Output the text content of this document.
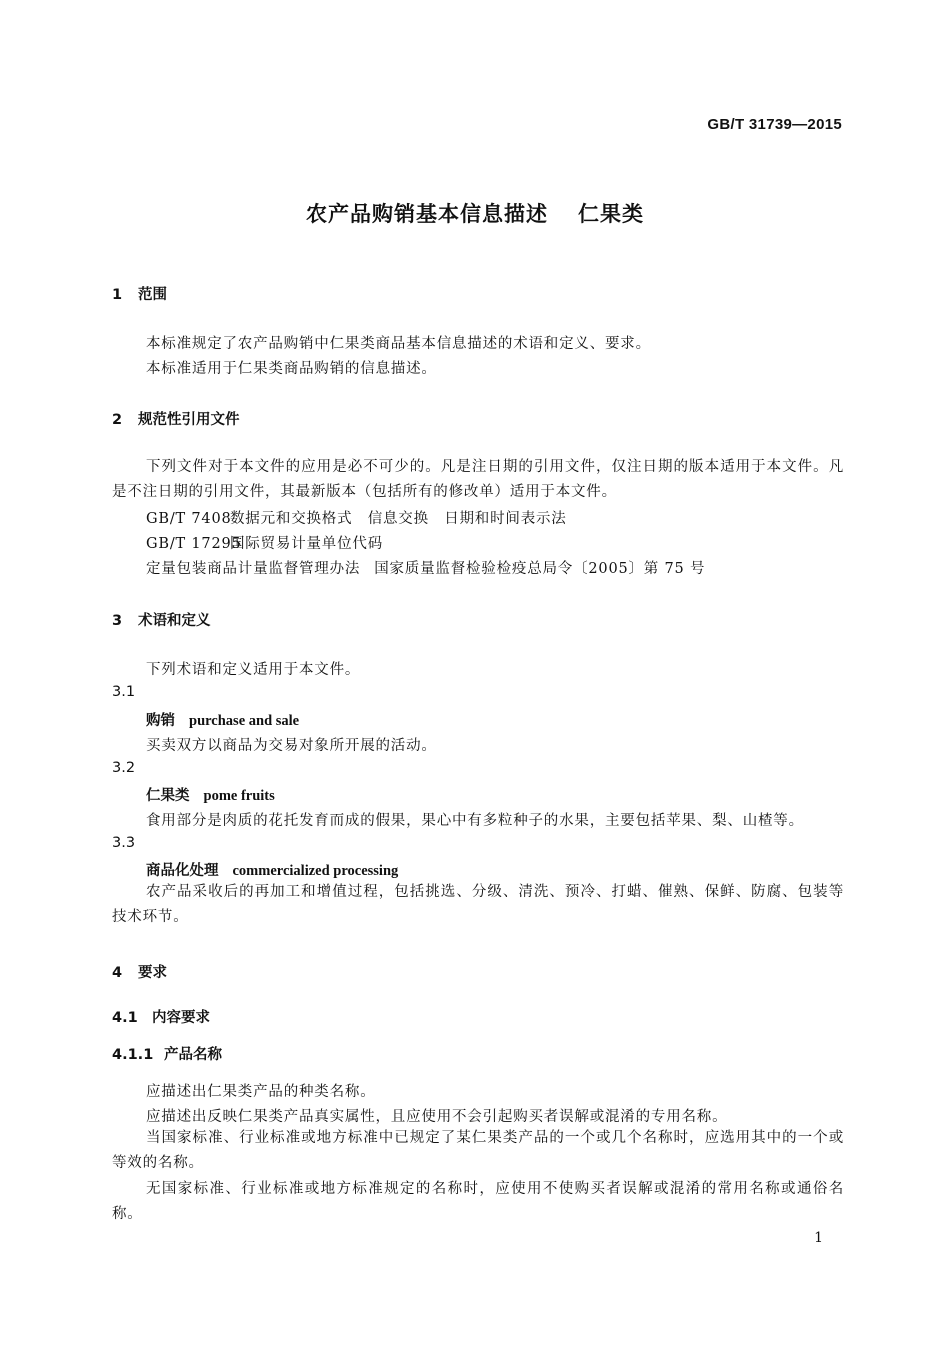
GB/T 31739—2015
农产品购销基本信息描述 仁果类
1 范围
本标准规定了农产品购销中仁果类商品基本信息描述的术语和定义、要求。
本标准适用于仁果类商品购销的信息描述。
2 规范性引用文件
下列文件对于本文件的应用是必不可少的。凡是注日期的引用文件，仅注日期的版本适用于本文件。凡是不注日期的引用文件，其最新版本（包括所有的修改单）适用于本文件。
GB/T 7408数据元和交换格式　信息交换　日期和时间表示法
GB/T 17295国际贸易计量单位代码
定量包装商品计量监督管理办法 国家质量监督检验检疫总局令〔2005〕第 75 号
3 术语和定义
下列术语和定义适用于本文件。
3.1
购销 purchase and sale
买卖双方以商品为交易对象所开展的活动。
3.2
仁果类 pome fruits
食用部分是肉质的花托发育而成的假果，果心中有多粒种子的水果，主要包括苹果、梨、山楂等。
3.3
商品化处理 commercialized processing
农产品采收后的再加工和增值过程，包括挑选、分级、清洗、预冷、打蜡、催熟、保鲜、防腐、包装等技术环节。
4 要求
4.1 内容要求
4.1.1 产品名称
应描述出仁果类产品的种类名称。
应描述出反映仁果类产品真实属性，且应使用不会引起购买者误解或混淆的专用名称。
当国家标准、行业标准或地方标准中已规定了某仁果类产品的一个或几个名称时，应选用其中的一个或等效的名称。
无国家标准、行业标准或地方标准规定的名称时，应使用不使购买者误解或混淆的常用名称或通俗名称。
1
